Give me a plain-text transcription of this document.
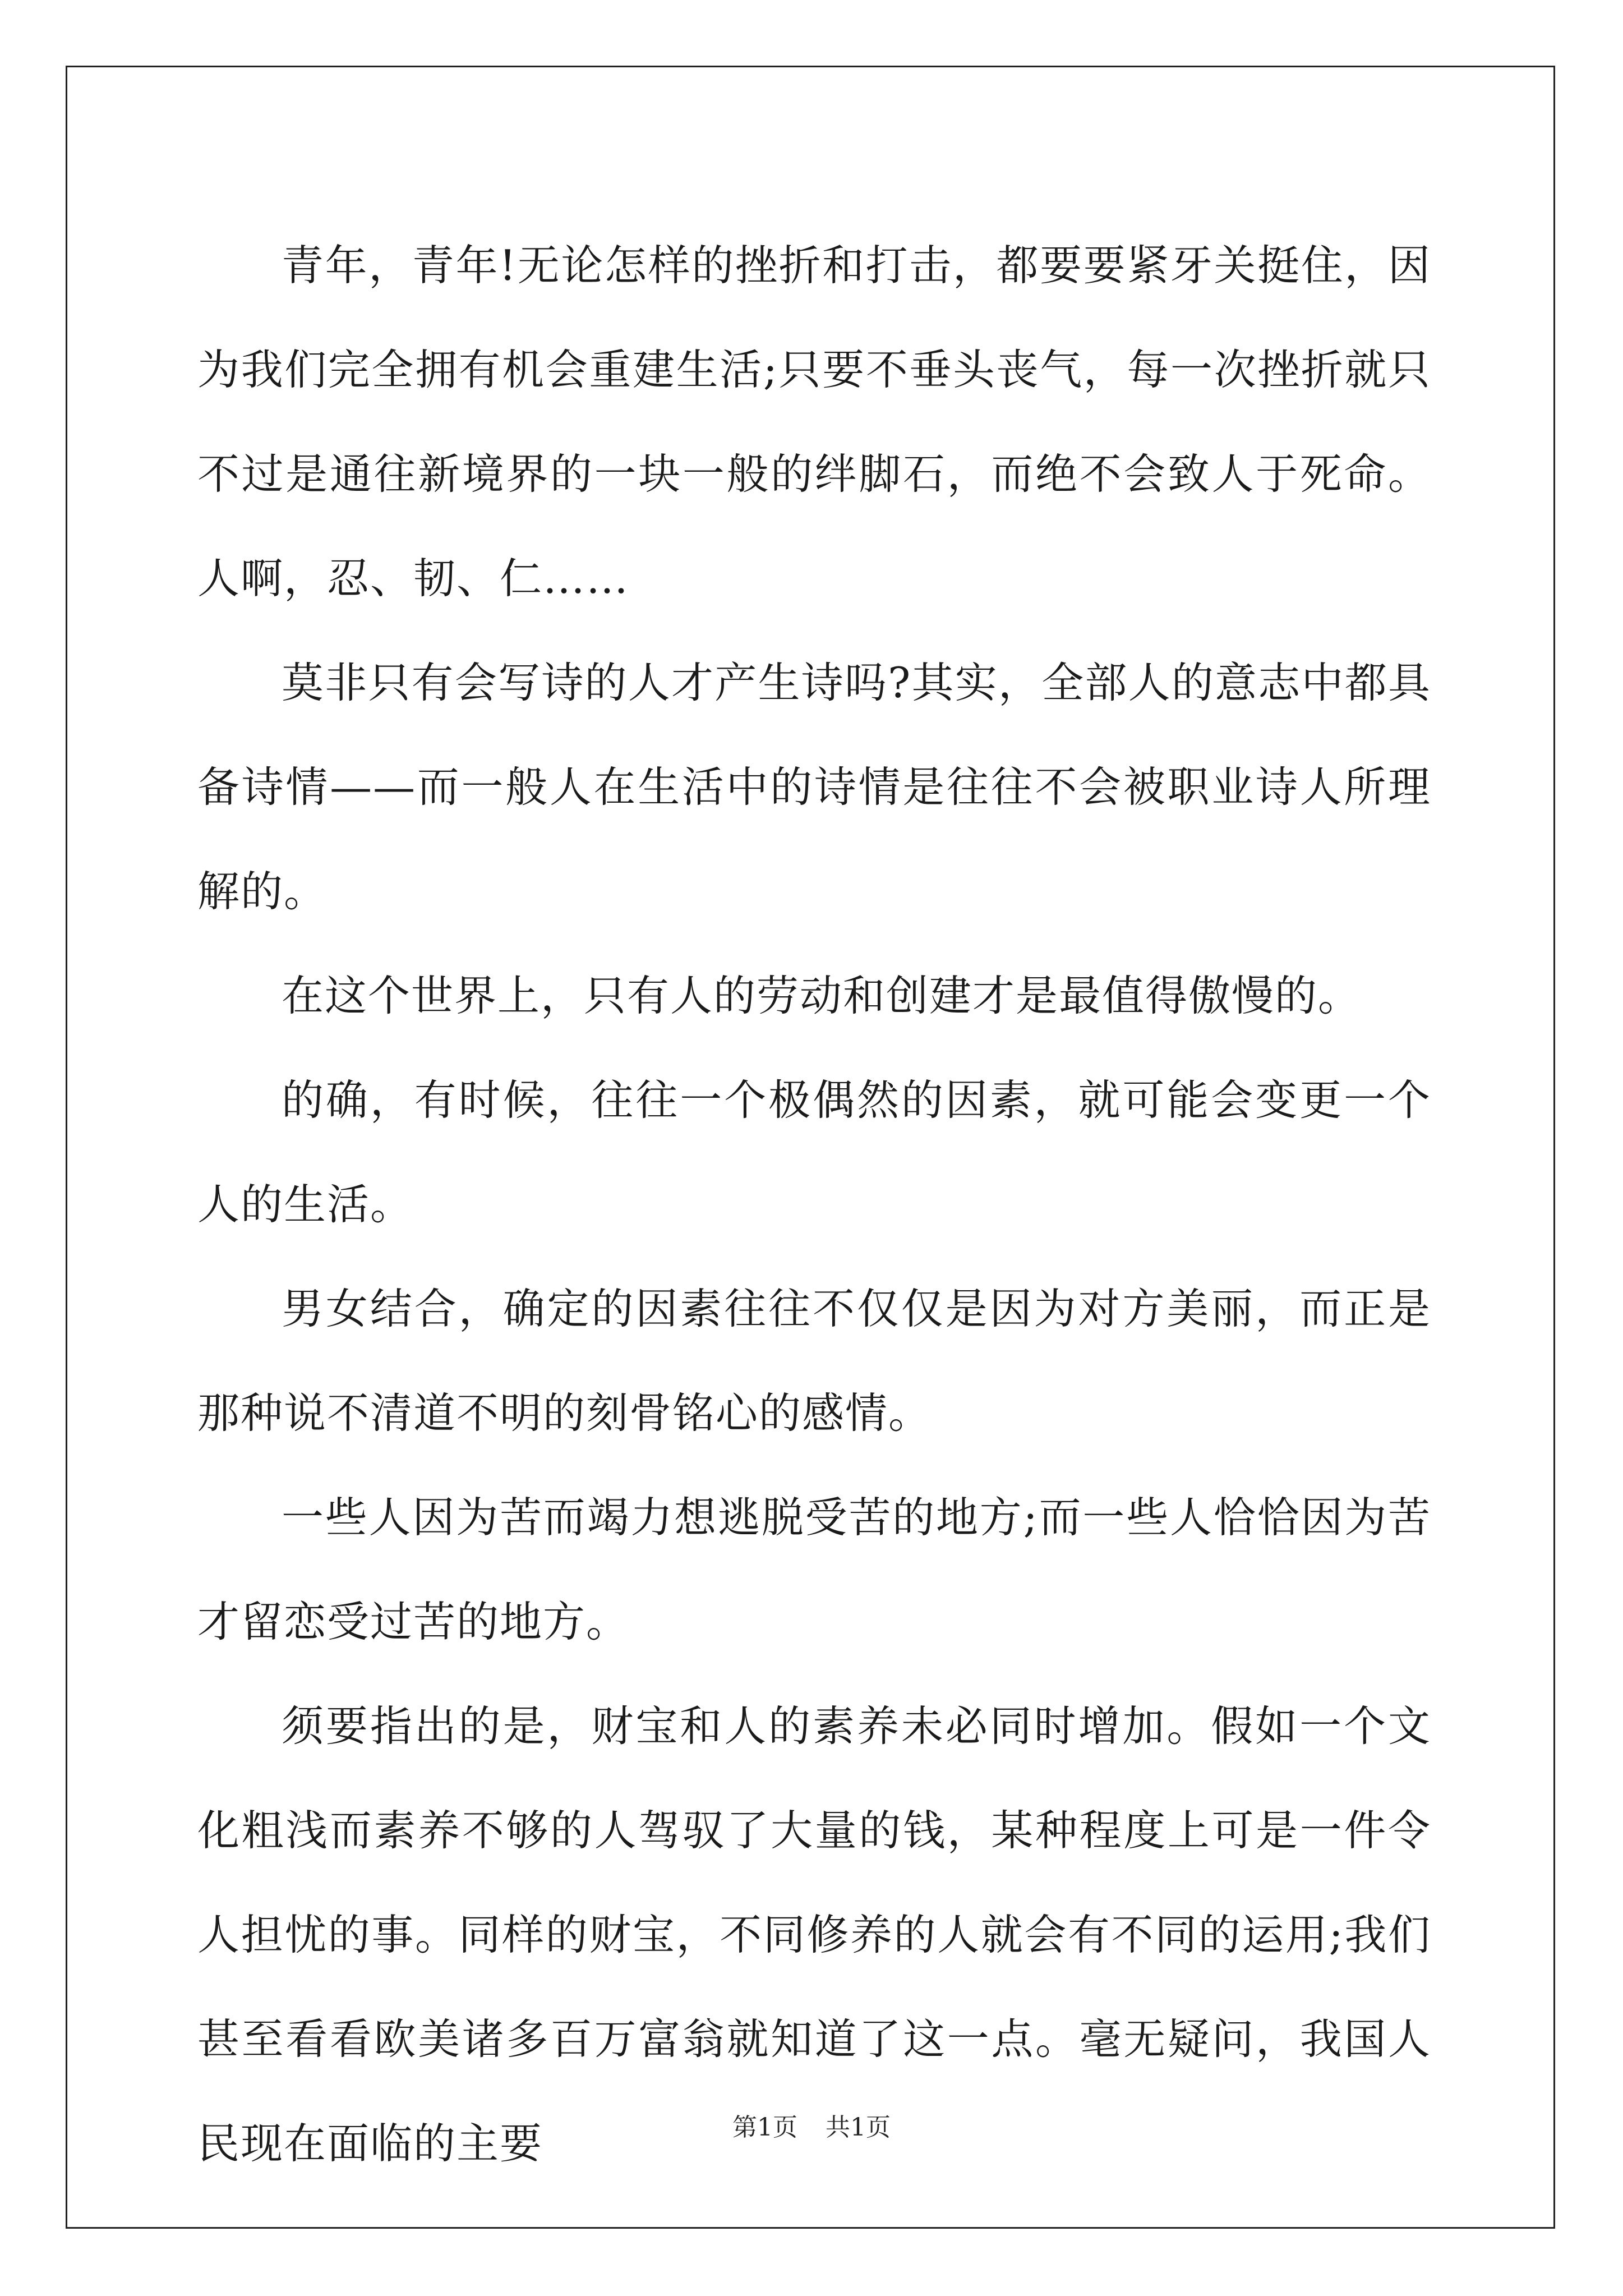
青年，青年!无论怎样的挫折和打击，都要要紧牙关挺住，因为我们完全拥有机会重建生活;只要不垂头丧气，每一次挫折就只不过是通往新境界的一块一般的绊脚石，而绝不会致人于死命。人啊，忍、韧、仁……

莫非只有会写诗的人才产生诗吗?其实，全部人的意志中都具备诗情——而一般人在生活中的诗情是往往不会被职业诗人所理解的。

在这个世界上，只有人的劳动和创建才是最值得傲慢的。

的确，有时候，往往一个极偶然的因素，就可能会变更一个人的生活。

男女结合，确定的因素往往不仅仅是因为对方美丽，而正是那种说不清道不明的刻骨铭心的感情。

一些人因为苦而竭力想逃脱受苦的地方;而一些人恰恰因为苦才留恋受过苦的地方。

须要指出的是，财宝和人的素养未必同时增加。假如一个文化粗浅而素养不够的人驾驭了大量的钱，某种程度上可是一件令人担忧的事。同样的财宝，不同修养的人就会有不同的运用;我们甚至看看欧美诸多百万富翁就知道了这一点。毫无疑问，我国人民现在面临的主要	第1页 共1页
